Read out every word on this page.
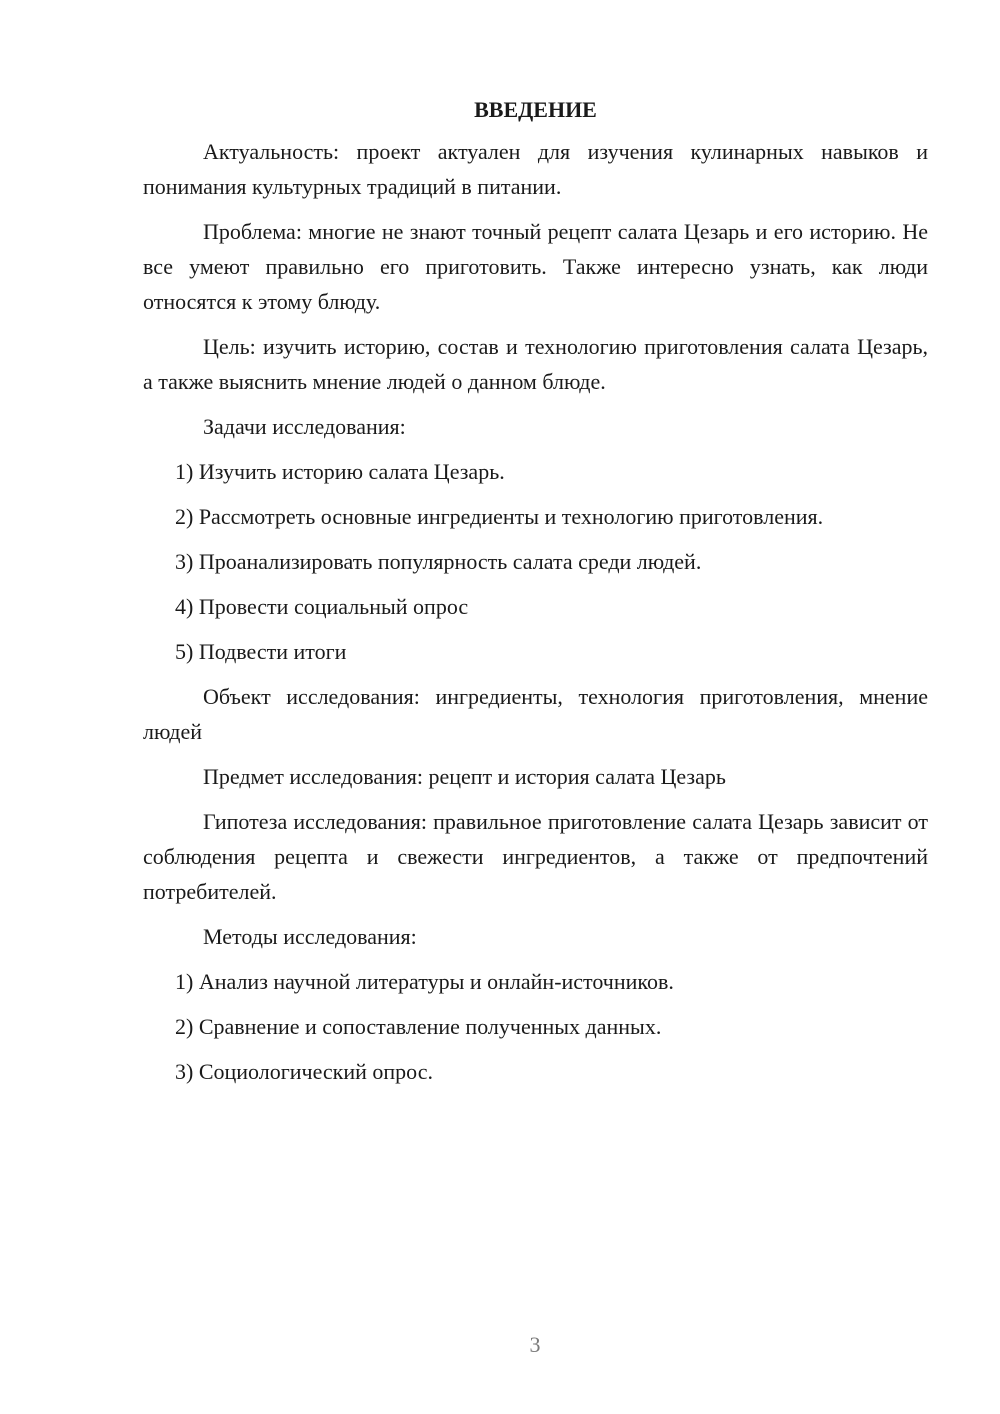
ВВЕДЕНИЕ

Актуальность: проект актуален для изучения кулинарных навыков и понимания культурных традиций в питании.

Проблема: многие не знают точный рецепт салата Цезарь и его историю. Не все умеют правильно его приготовить. Также интересно узнать, как люди относятся к этому блюду.

Цель: изучить историю, состав и технологию приготовления салата Цезарь, а также выяснить мнение людей о данном блюде.

Задачи исследования:

1) Изучить историю салата Цезарь.
2) Рассмотреть основные ингредиенты и технологию приготовления.
3) Проанализировать популярность салата среди людей.
4) Провести социальный опрос
5) Подвести итоги

Объект исследования: ингредиенты, технология приготовления, мнение людей

Предмет исследования: рецепт и история салата Цезарь

Гипотеза исследования: правильное приготовление салата Цезарь зависит от соблюдения рецепта и свежести ингредиентов, а также от предпочтений потребителей.

Методы исследования:

1) Анализ научной литературы и онлайн-источников.
2) Сравнение и сопоставление полученных данных.
3) Социологический опрос.
3
